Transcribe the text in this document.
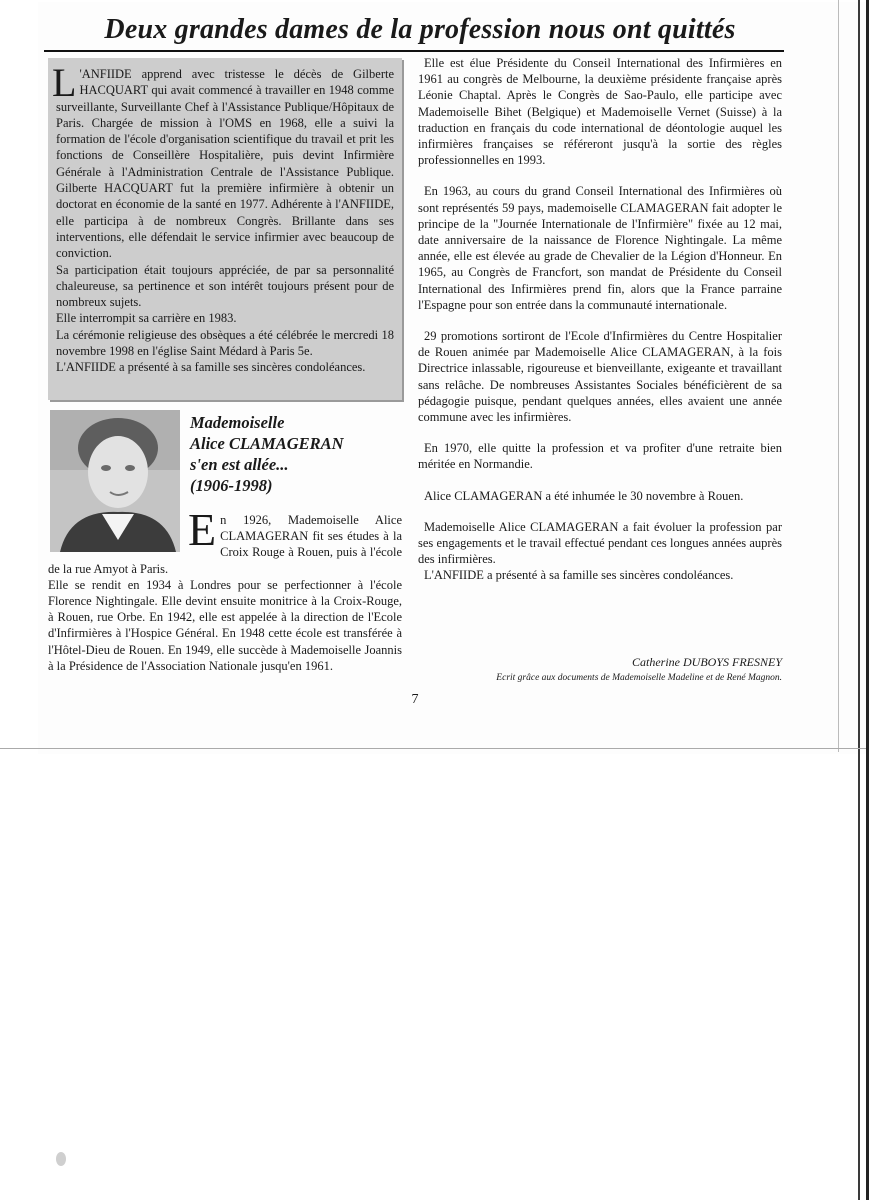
Deux grandes dames de la profession nous ont quittés

L 'ANFIIDE apprend avec tristesse le décès de Gilberte HACQUART qui avait commencé à travailler en 1948 comme surveillante, Surveillante Chef à l'Assistance Publique/Hôpitaux de Paris. Chargée de mission à l'OMS en 1968, elle a suivi la formation de l'école d'organisation scientifique du travail et prit les fonctions de Conseillère Hospitalière, puis devint Infirmière Générale à l'Administration Centrale de l'Assistance Publique. Gilberte HACQUART fut la première infirmière à obtenir un doctorat en économie de la santé en 1977. Adhérente à l'ANFIIDE, elle participa à de nombreux Congrès. Brillante dans ses interventions, elle défendait le service infirmier avec beaucoup de conviction.

Sa participation était toujours appréciée, de par sa personnalité chaleureuse, sa pertinence et son intérêt toujours présent pour de nombreux sujets.

Elle interrompit sa carrière en 1983.

La cérémonie religieuse des obsèques a été célébrée le mercredi 18 novembre 1998 en l'église Saint Médard à Paris 5e.

L'ANFIIDE a présenté à sa famille ses sincères condoléances.

Mademoiselle
Alice CLAMAGERAN
s'en est allée...
(1906-1998)

En 1926, Mademoiselle Alice CLAMAGERAN fit ses études à la Croix Rouge à Rouen, puis à l'école de la rue Amyot à Paris.

Elle se rendit en 1934 à Londres pour se perfectionner à l'école Florence Nightingale. Elle devint ensuite monitrice à la Croix-Rouge, à Rouen, rue Orbe. En 1942, elle est appelée à la direction de l'Ecole d'Infirmières à l'Hospice Général. En 1948 cette école est transférée à l'Hôtel-Dieu de Rouen. En 1949, elle succède à Mademoiselle Joannis à la Présidence de l'Association Nationale jusqu'en 1961.

Elle est élue Présidente du Conseil International des Infirmières en 1961 au congrès de Melbourne, la deuxième présidente française après Léonie Chaptal. Après le Congrès de Sao-Paulo, elle participe avec Mademoiselle Bihet (Belgique) et Mademoiselle Vernet (Suisse) à la traduction en français du code international de déontologie auquel les infirmières françaises se référeront jusqu'à la sortie des règles professionnelles en 1993.

En 1963, au cours du grand Conseil International des Infirmières où sont représentés 59 pays, mademoiselle CLAMAGERAN fait adopter le principe de la "Journée Internationale de l'Infirmière" fixée au 12 mai, date anniversaire de la naissance de Florence Nightingale. La même année, elle est élevée au grade de Chevalier de la Légion d'Honneur. En 1965, au Congrès de Francfort, son mandat de Présidente du Conseil International des Infirmières prend fin, alors que la France parraine l'Espagne pour son entrée dans la communauté internationale.

29 promotions sortiront de l'Ecole d'Infirmières du Centre Hospitalier de Rouen animée par Mademoiselle Alice CLAMAGERAN, à la fois Directrice inlassable, rigoureuse et bienveillante, exigeante et travaillant sans relâche. De nombreuses Assistantes Sociales bénéficièrent de sa pédagogie puisque, pendant quelques années, elles avaient une année commune avec les infirmières.

En 1970, elle quitte la profession et va profiter d'une retraite bien méritée en Normandie.

Alice CLAMAGERAN a été inhumée le 30 novembre à Rouen.

Mademoiselle Alice CLAMAGERAN a fait évoluer la profession par ses engagements et le travail effectué pendant ces longues années auprès des infirmières.

L'ANFIIDE a présenté à sa famille ses sincères condoléances.

Catherine DUBOYS FRESNEY

Ecrit grâce aux documents de Mademoiselle Madeline et de René Magnon.

7
